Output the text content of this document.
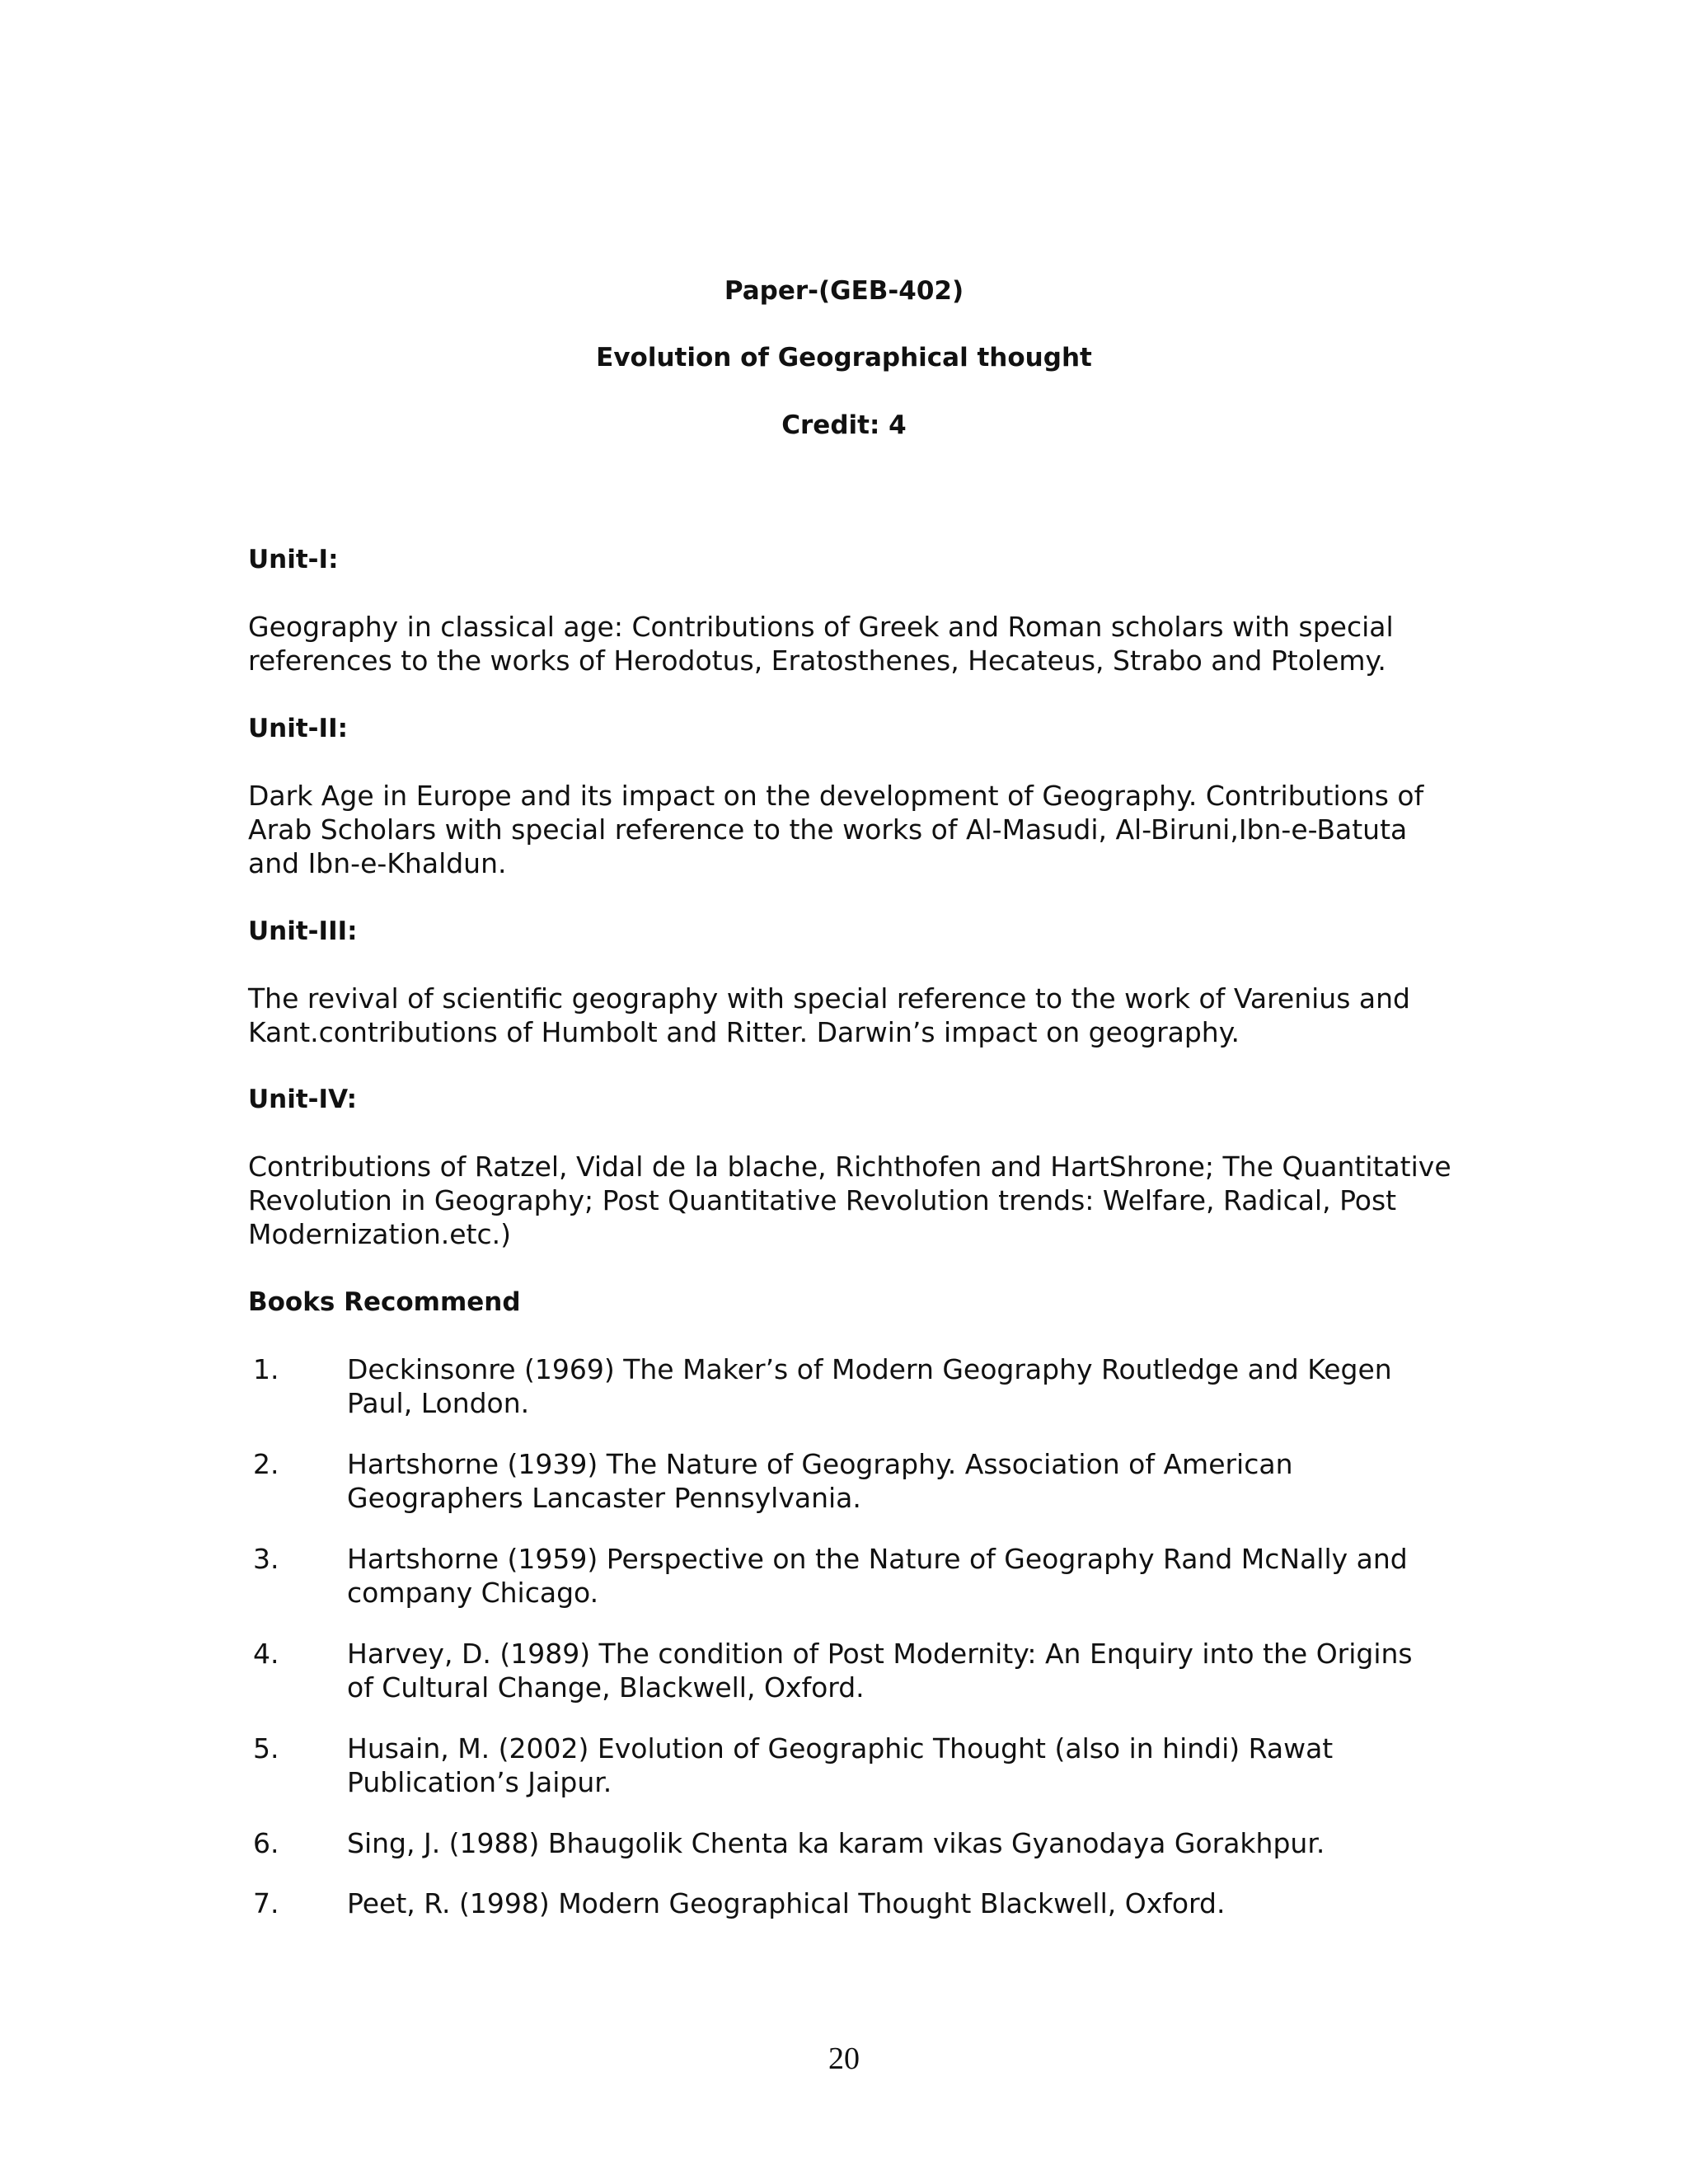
Paper-(GEB-402)
Evolution of Geographical thought
Credit: 4
Unit-I:

Geography in classical age: Contributions of Greek and Roman scholars with special references to the works of Herodotus, Eratosthenes, Hecateus, Strabo and Ptolemy.

Unit-II:

Dark Age in Europe and its impact on the development of Geography. Contributions of Arab Scholars with special reference to the works of Al-Masudi, Al-Biruni,Ibn-e-Batuta and Ibn-e-Khaldun.

Unit-III:

The revival of scientific geography with special reference to the work of Varenius and Kant.contributions of Humbolt and Ritter. Darwin’s impact on geography.

Unit-IV:

Contributions of Ratzel, Vidal de la blache, Richthofen and HartShrone; The Quantitative Revolution in Geography; Post Quantitative Revolution trends: Welfare, Radical, Post Modernization.etc.)

Books Recommend
1.	Deckinsonre (1969) The Maker’s of Modern Geography Routledge and Kegen Paul, London.
2.	Hartshorne (1939) The Nature of Geography. Association of American Geographers Lancaster Pennsylvania.
3.	Hartshorne (1959) Perspective on the Nature of Geography Rand McNally and company Chicago.
4.	Harvey, D. (1989) The condition of Post Modernity: An Enquiry into the Origins of Cultural Change, Blackwell, Oxford.
5.	Husain, M. (2002) Evolution of Geographic Thought (also in hindi) Rawat Publication’s Jaipur.
6.	Sing, J. (1988) Bhaugolik Chenta ka karam vikas Gyanodaya Gorakhpur.
7.	Peet, R. (1998) Modern Geographical Thought Blackwell, Oxford.
20
